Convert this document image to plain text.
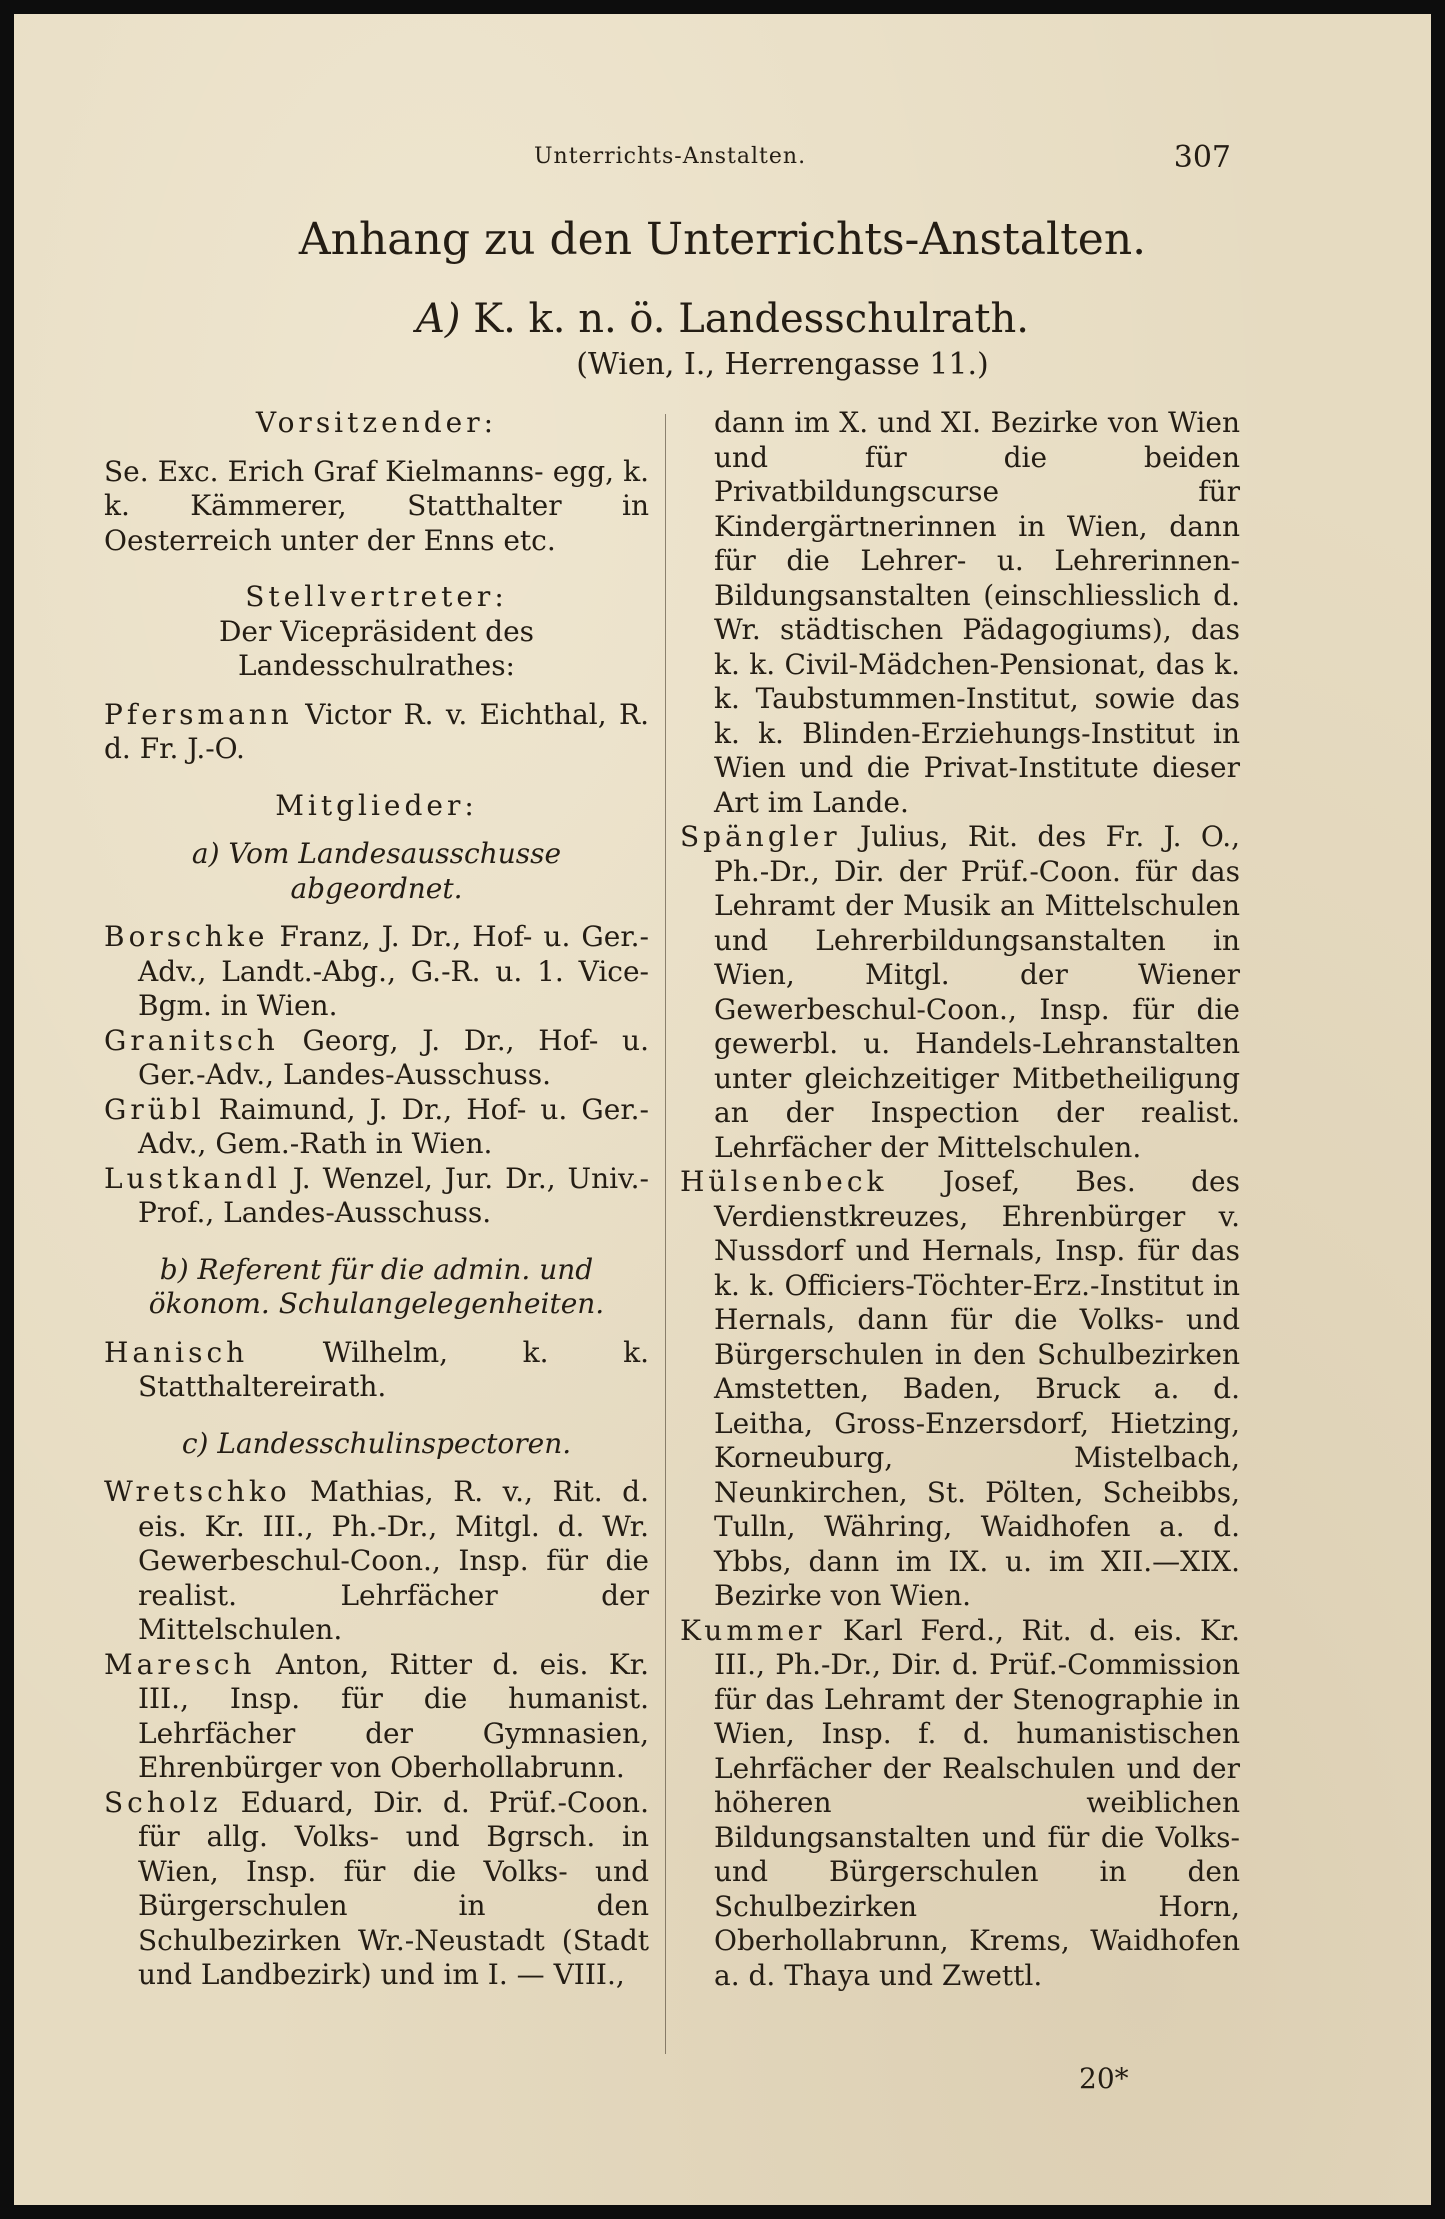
Unterrichts-Anstalten.	307
Anhang zu den Unterrichts-Anstalten.
A) K. k. n. ö. Landesschulrath.
(Wien, I., Herrengasse 11.)

Vorsitzender:

Se. Exc. Erich Graf Kielmanns- egg, k. k. Kämmerer, Statthalter in Oesterreich unter der Enns etc.

Stellvertreter:

Der Vicepräsident des Landesschulrathes:

Pfersmann Victor R. v. Eichthal, R. d. Fr. J.-O.

Mitglieder:

a) Vom Landesausschusse abgeordnet.

Borschke Franz, J. Dr., Hof- u. Ger.-Adv., Landt.-Abg., G.-R. u. 1. Vice-Bgm. in Wien.

Granitsch Georg, J. Dr., Hof- u. Ger.-Adv., Landes-Ausschuss.

Grübl Raimund, J. Dr., Hof- u. Ger.-Adv., Gem.-Rath in Wien.

Lustkandl J. Wenzel, Jur. Dr., Univ.-Prof., Landes-Ausschuss.

b) Referent für die admin. und ökonom. Schulangelegenheiten.

Hanisch Wilhelm, k. k. Statthaltereirath.

c) Landesschulinspectoren.

Wretschko Mathias, R. v., Rit. d. eis. Kr. III., Ph.-Dr., Mitgl. d. Wr. Gewerbeschul-Coon., Insp. für die realist. Lehrfächer der Mittelschulen.

Maresch Anton, Ritter d. eis. Kr. III., Insp. für die humanist. Lehrfächer der Gymnasien, Ehrenbürger von Oberhollabrunn.

Scholz Eduard, Dir. d. Prüf.-Coon. für allg. Volks- und Bgrsch. in Wien, Insp. für die Volks- und Bürgerschulen in den Schulbezirken Wr.-Neustadt (Stadt und Landbezirk) und im I. — VIII.,

dann im X. und XI. Bezirke von Wien und für die beiden Privatbildungscurse für Kindergärtnerinnen in Wien, dann für die Lehrer- u. Lehrerinnen-Bildungsanstalten (einschliesslich d. Wr. städtischen Pädagogiums), das k. k. Civil-Mädchen-Pensionat, das k. k. Taubstummen-Institut, sowie das k. k. Blinden-Erziehungs-Institut in Wien und die Privat-Institute dieser Art im Lande.

Spängler Julius, Rit. des Fr. J. O., Ph.-Dr., Dir. der Prüf.-Coon. für das Lehramt der Musik an Mittelschulen und Lehrerbildungsanstalten in Wien, Mitgl. der Wiener Gewerbeschul-Coon., Insp. für die gewerbl. u. Handels-Lehranstalten unter gleichzeitiger Mitbetheiligung an der Inspection der realist. Lehrfächer der Mittelschulen.

Hülsenbeck Josef, Bes. des Verdienstkreuzes, Ehrenbürger v. Nussdorf und Hernals, Insp. für das k. k. Officiers-Töchter-Erz.-Institut in Hernals, dann für die Volks- und Bürgerschulen in den Schulbezirken Amstetten, Baden, Bruck a. d. Leitha, Gross-Enzersdorf, Hietzing, Korneuburg, Mistelbach, Neunkirchen, St. Pölten, Scheibbs, Tulln, Währing, Waidhofen a. d. Ybbs, dann im IX. u. im XII.—XIX. Bezirke von Wien.

Kummer Karl Ferd., Rit. d. eis. Kr. III., Ph.-Dr., Dir. d. Prüf.-Commission für das Lehramt der Stenographie in Wien, Insp. f. d. humanistischen Lehrfächer der Realschulen und der höheren weiblichen Bildungsanstalten und für die Volks- und Bürgerschulen in den Schulbezirken Horn, Oberhollabrunn, Krems, Waidhofen a. d. Thaya und Zwettl.

20*
